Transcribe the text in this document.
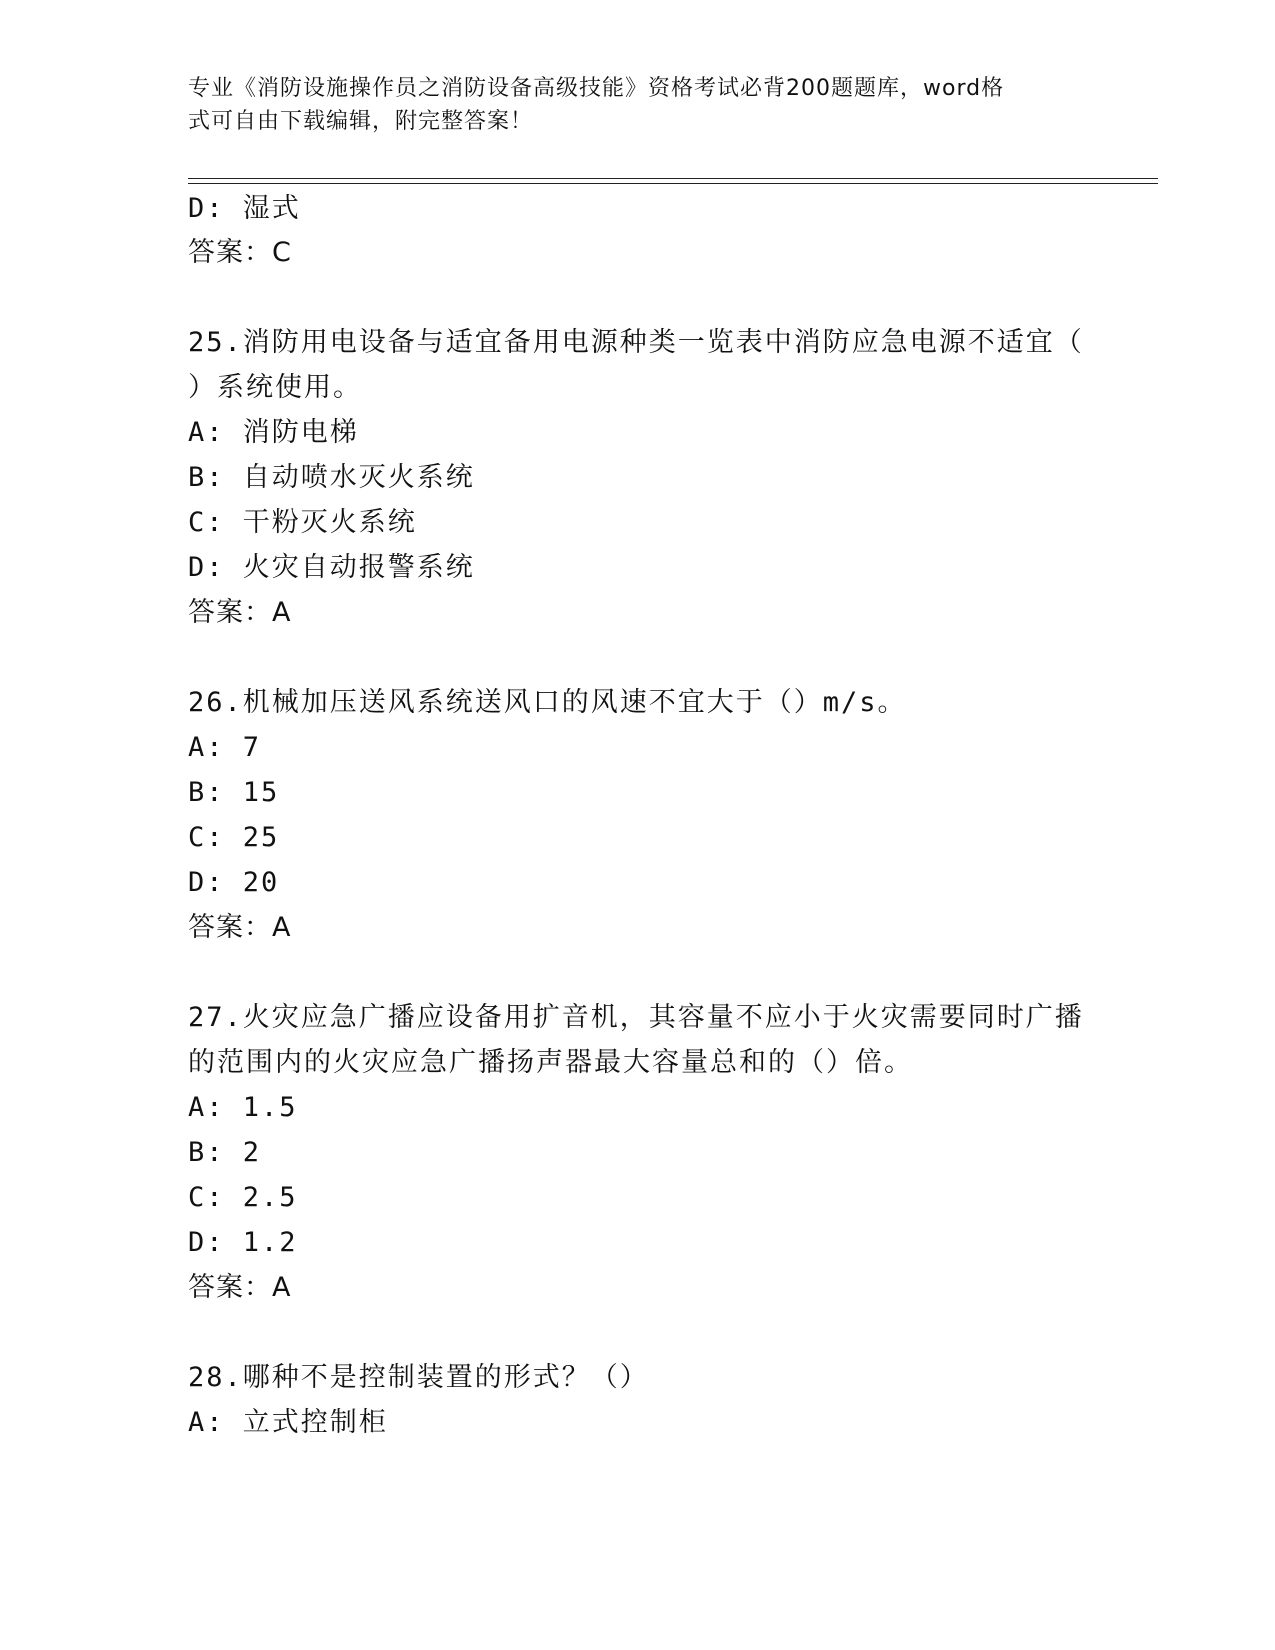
专业《消防设施操作员之消防设备高级技能》资格考试必背200题题库，word格
式可自由下载编辑，附完整答案！
D: 湿式
答案：C
25.消防用电设备与适宜备用电源种类一览表中消防应急电源不适宜（
）系统使用。
A: 消防电梯
B: 自动喷水灭火系统
C: 干粉灭火系统
D: 火灾自动报警系统
答案：A
26.机械加压送风系统送风口的风速不宜大于（）m/s。
A: 7
B: 15
C: 25
D: 20
答案：A
27.火灾应急广播应设备用扩音机，其容量不应小于火灾需要同时广播
的范围内的火灾应急广播扬声器最大容量总和的（）倍。
A: 1.5
B: 2
C: 2.5
D: 1.2
答案：A
28.哪种不是控制装置的形式？（）
A: 立式控制柜
